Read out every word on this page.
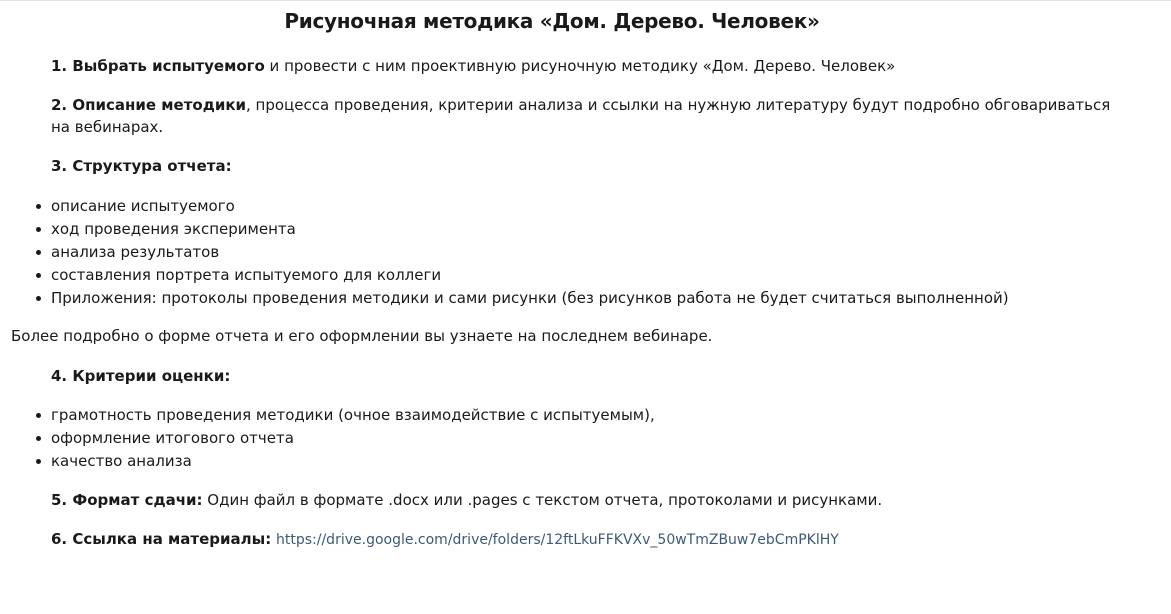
Рисуночная методика «Дом. Дерево. Человек»

1. Выбрать испытуемого и провести с ним проективную рисуночную методику «Дом. Дерево. Человек»

2. Описание методики, процесса проведения, критерии анализа и ссылки на нужную литературу будут подробно обговариваться на вебинарах.

3. Структура отчета:

описание испытуемого
ход проведения эксперимента
анализа результатов
составления портрета испытуемого для коллеги
Приложения: протоколы проведения методики и сами рисунки (без рисунков работа не будет считаться выполненной)

Более подробно о форме отчета и его оформлении вы узнаете на последнем вебинаре.

4. Критерии оценки:

грамотность проведения методики (очное взаимодействие с испытуемым),
оформление итогового отчета
качество анализа

5. Формат сдачи: Один файл в формате .docx или .pages с текстом отчета, протоколами и рисунками.

6. Ссылка на материалы: https://drive.google.com/drive/folders/12ftLkuFFKVXv_50wTmZBuw7ebCmPKlHY
